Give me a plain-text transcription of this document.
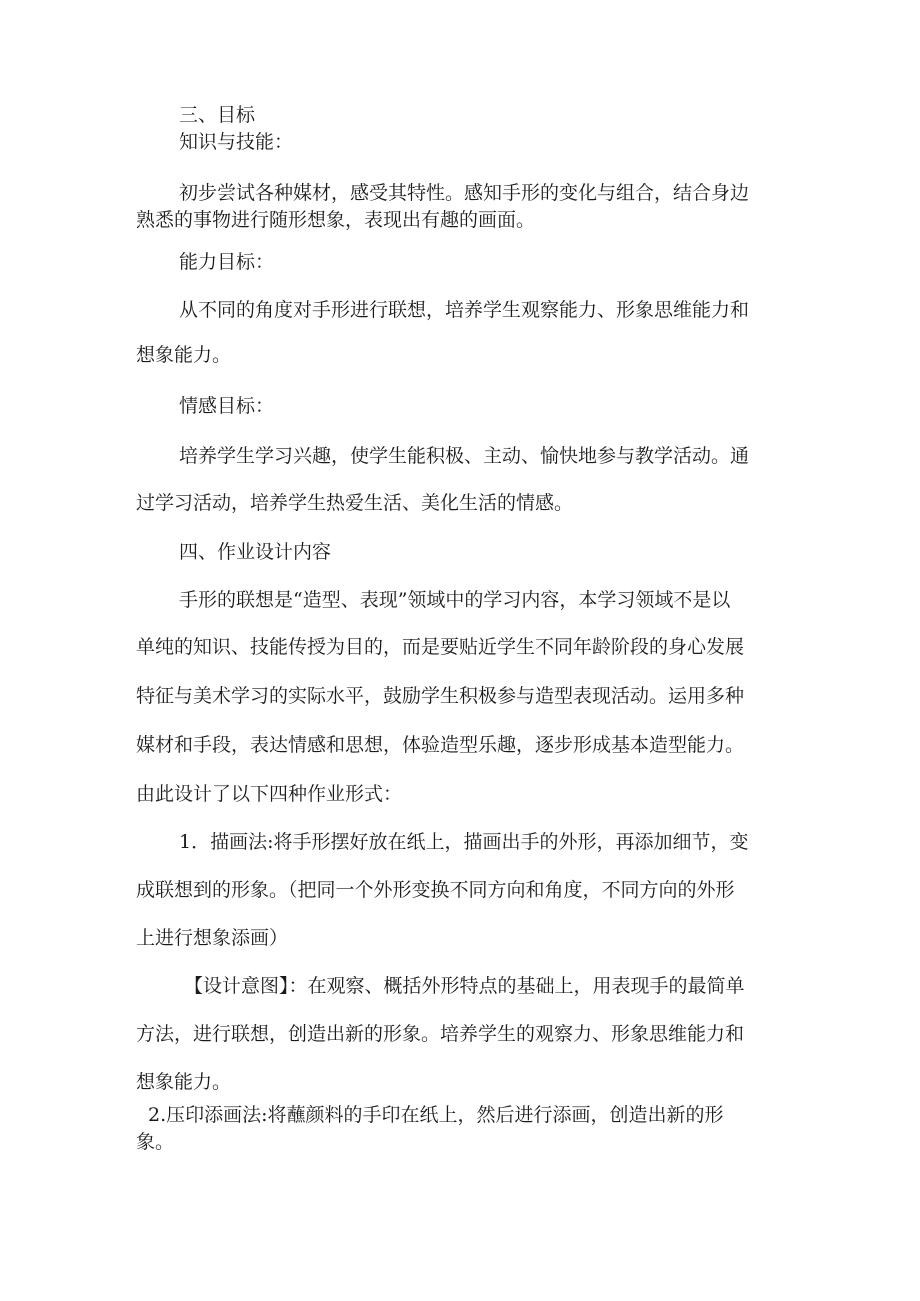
三、目标
知识与技能：
初步尝试各种媒材，感受其特性。感知手形的变化与组合，结合身边
熟悉的事物进行随形想象，表现出有趣的画面。
能力目标：
从不同的角度对手形进行联想，培养学生观察能力、形象思维能力和
想象能力。
情感目标：
培养学生学习兴趣，使学生能积极、主动、愉快地参与教学活动。通
过学习活动，培养学生热爱生活、美化生活的情感。
四、作业设计内容
手形的联想是“造型、表现”领域中的学习内容，本学习领域不是以
单纯的知识、技能传授为目的，而是要贴近学生不同年龄阶段的身心发展
特征与美术学习的实际水平，鼓励学生积极参与造型表现活动。运用多种
媒材和手段，表达情感和思想，体验造型乐趣，逐步形成基本造型能力。
由此设计了以下四种作业形式：
1．描画法:将手形摆好放在纸上，描画出手的外形，再添加细节，变
成联想到的形象。（把同一个外形变换不同方向和角度，不同方向的外形
上进行想象添画）
【设计意图】：在观察、概括外形特点的基础上，用表现手的最简单
方法，进行联想，创造出新的形象。培养学生的观察力、形象思维能力和
想象能力。
2.压印添画法:将蘸颜料的手印在纸上，然后进行添画，创造出新的形
象。
